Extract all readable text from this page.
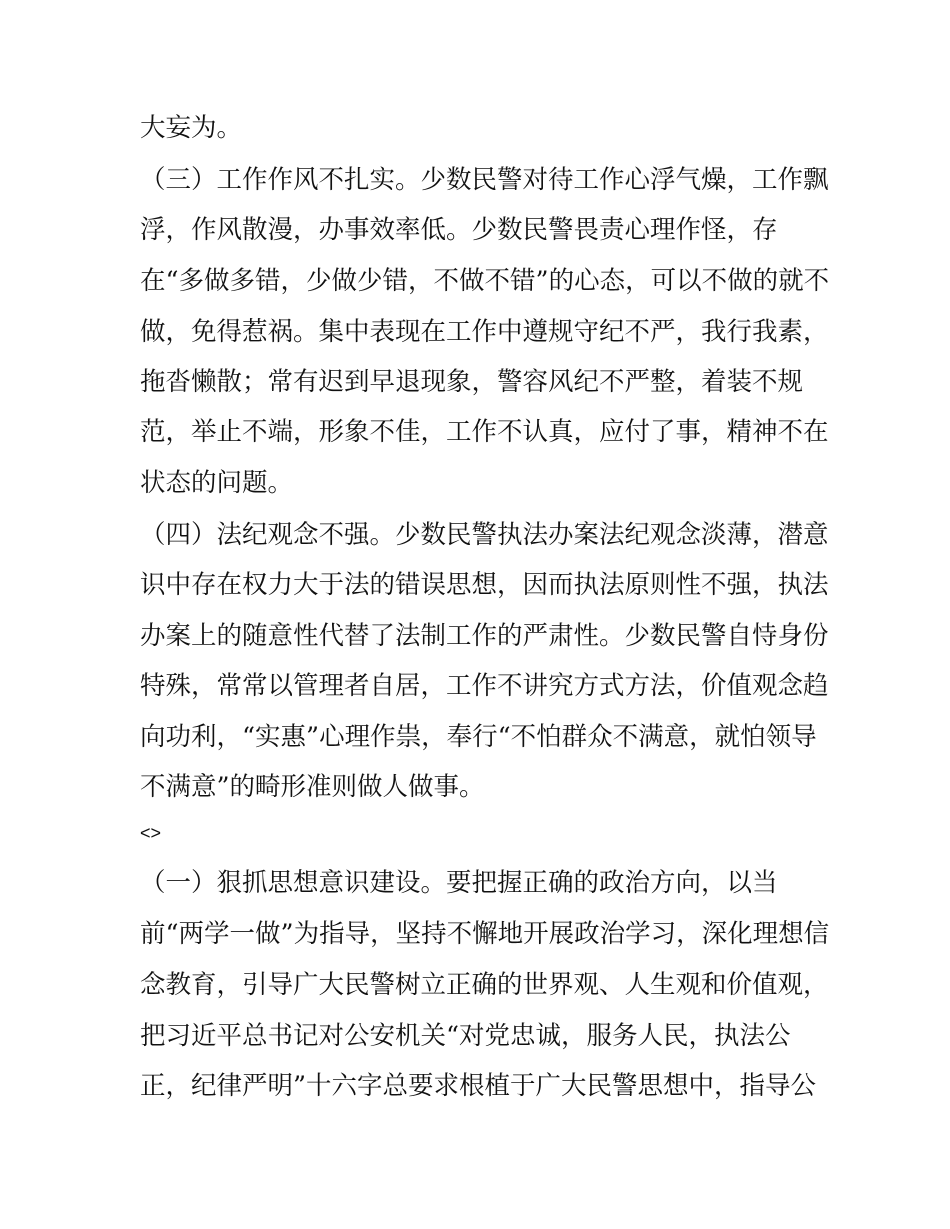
大妄为。
（三）工作作风不扎实。少数民警对待工作心浮气燥，工作飘
浮，作风散漫，办事效率低。少数民警畏责心理作怪，存
在“多做多错，少做少错，不做不错”的心态，可以不做的就不
做，免得惹祸。集中表现在工作中遵规守纪不严，我行我素，
拖沓懒散；常有迟到早退现象，警容风纪不严整，着装不规
范，举止不端，形象不佳，工作不认真，应付了事，精神不在
状态的问题。
（四）法纪观念不强。少数民警执法办案法纪观念淡薄，潜意
识中存在权力大于法的错误思想，因而执法原则性不强，执法
办案上的随意性代替了法制工作的严肃性。少数民警自恃身份
特殊，常常以管理者自居，工作不讲究方式方法，价值观念趋
向功利，“实惠”心理作祟，奉行“不怕群众不满意，就怕领导
不满意”的畸形准则做人做事。
<>
（一）狠抓思想意识建设。要把握正确的政治方向，以当
前“两学一做”为指导，坚持不懈地开展政治学习，深化理想信
念教育，引导广大民警树立正确的世界观、人生观和价值观，
把习近平总书记对公安机关“对党忠诚，服务人民，执法公
正，纪律严明”十六字总要求根植于广大民警思想中，指导公
